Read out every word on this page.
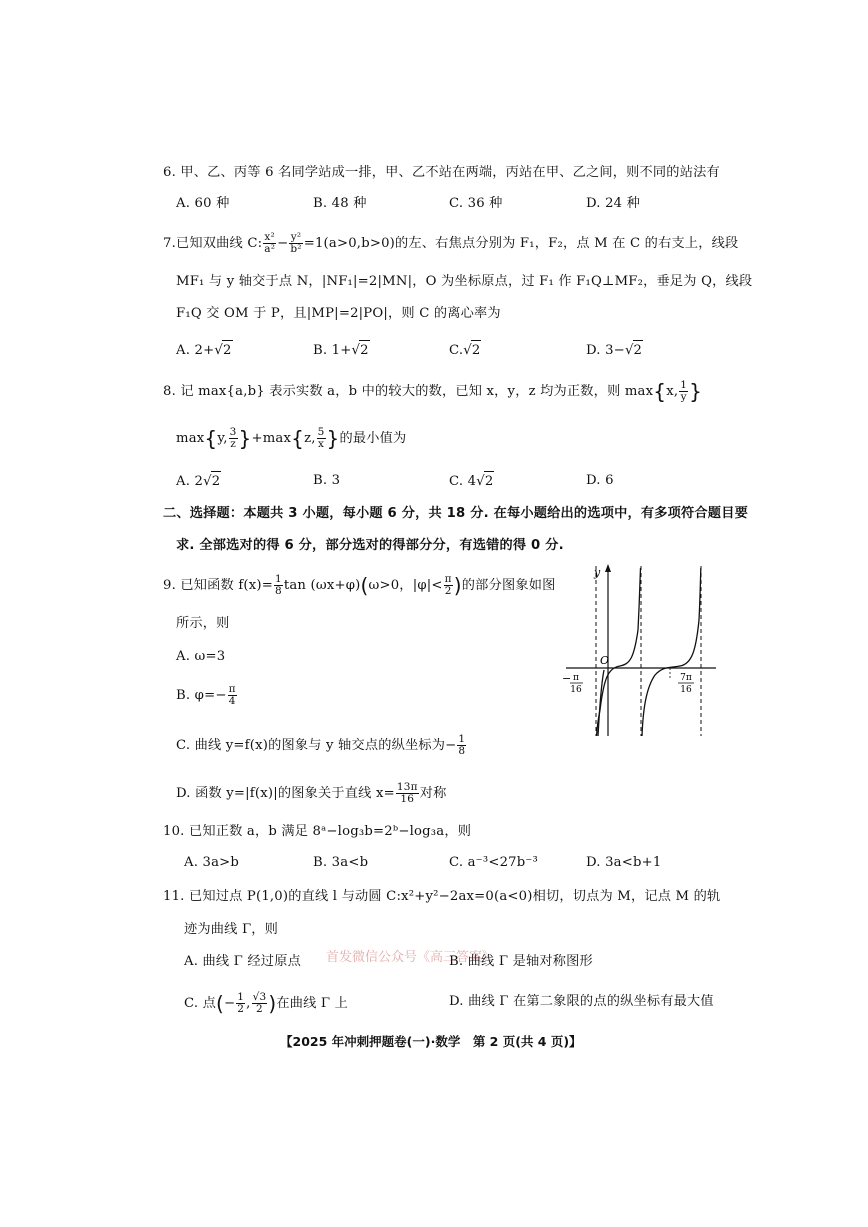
6. 甲、乙、丙等 6 名同学站成一排，甲、乙不站在两端，丙站在甲、乙之间，则不同的站法有
A. 60 种	B. 48 种	C. 36 种	D. 24 种
7.已知双曲线 C: $\frac{\text{x²}}{\text{a²}} - \frac{\text{y²}}{\text{b²}} =1(a>0,b>0)$的左、右焦点分别为 F₁，F₂，点 M 在 C 的右支上，线段
MF₁ 与 y 轴交于点 N，|NF₁|=2|MN|，O 为坐标原点，过 F₁ 作 F₁Q⊥MF₂，垂足为 Q，线段
F₁Q 交 OM 于 P，且|MP|=2|PO|，则 C 的离心率为
A. 2+√2	B. 1+√2	C.√2	D. 3−√2
8. 记 max{a,b} 表示实数 a，b 中的较大的数，已知 x，y，z 均为正数，则 max{x, $\frac{1}{y}$ }
max{y, $\frac{3}{z} \}+\max\{z$, $\frac{5}{x}$ }的最小值为
A. 2√2	B. 3	C. 4√2	D. 6
二、选择题：本题共 3 小题，每小题 6 分，共 18 分. 在每小题给出的选项中，有多项符合题目要
求. 全部选对的得 6 分，部分选对的得部分分，有选错的得 0 分.
9. 已知函数 $f(x)= \frac{1}{8}$ tan (ωx+φ)(ω>0，$|\varphi|< \frac{\pi}{2}$ )的部分图象如图
所示，则
A. ω=3
B. $\varphi=- \frac{\pi}{4}$
C. 曲线 y=f(x)的图象与 y 轴交点的纵坐标为− $\frac{1}{8}$
D. 函数 y=|f(x)|的图象关于直线 $x= \frac{13\pi}{16}$ 对称
y
O
− π
16
7π
16
10. 已知正数 a，b 满足 8ᵃ−log₃b=2ᵇ−log₃a，则
A. 3a>b	B. 3a<b	C. a⁻³<27b⁻³	D. 3a<b+1
11. 已知过点 P(1,0)的直线 l 与动圆 C:x²+y²−2ax=0(a<0)相切，切点为 M，记点 M 的轨
迹为曲线 Γ，则
A. 曲线 Γ 经过原点 首发微信公众号《高三答案》
B. 曲线 Γ 是轴对称图形
C. 点(− $\frac{1}{2}$ , $\frac{√3}{2}$ )在曲线 Γ 上	D. 曲线 Γ 在第二象限的点的纵坐标有最大值
【2025 年冲刺押题卷(一)·数学　第 2 页(共 4 页)】
